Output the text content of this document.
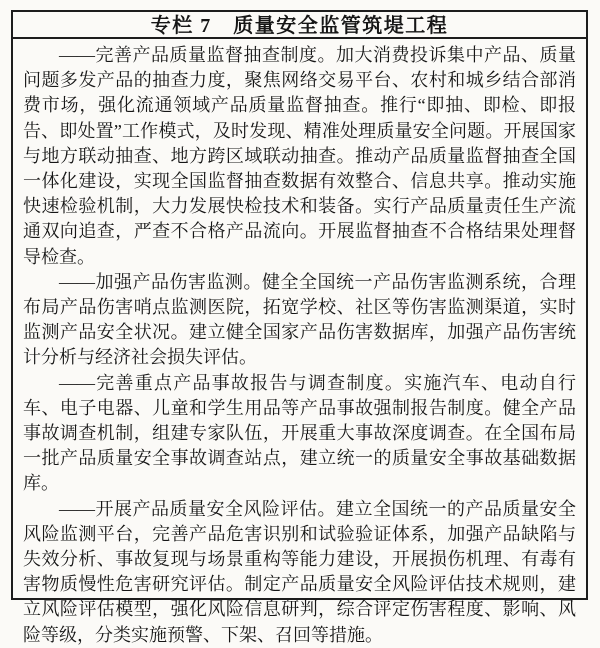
专栏 7　质量安全监管筑堤工程

——完善产品质量监督抽查制度。加大消费投诉集中产品、质量问题多发产品的抽查力度，聚焦网络交易平台、农村和城乡结合部消费市场，强化流通领域产品质量监督抽查。推行“即抽、即检、即报告、即处置”工作模式，及时发现、精准处理质量安全问题。开展国家与地方联动抽查、地方跨区域联动抽查。推动产品质量监督抽查全国一体化建设，实现全国监督抽查数据有效整合、信息共享。推动实施快速检验机制，大力发展快检技术和装备。实行产品质量责任生产流通双向追查，严查不合格产品流向。开展监督抽查不合格结果处理督导检查。

——加强产品伤害监测。健全全国统一产品伤害监测系统，合理布局产品伤害哨点监测医院，拓宽学校、社区等伤害监测渠道，实时监测产品安全状况。建立健全国家产品伤害数据库，加强产品伤害统计分析与经济社会损失评估。

——完善重点产品事故报告与调查制度。实施汽车、电动自行车、电子电器、儿童和学生用品等产品事故强制报告制度。健全产品事故调查机制，组建专家队伍，开展重大事故深度调查。在全国布局一批产品质量安全事故调查站点，建立统一的质量安全事故基础数据库。

——开展产品质量安全风险评估。建立全国统一的产品质量安全风险监测平台，完善产品危害识别和试验验证体系，加强产品缺陷与失效分析、事故复现与场景重构等能力建设，开展损伤机理、有毒有害物质慢性危害研究评估。制定产品质量安全风险评估技术规则，建立风险评估模型，强化风险信息研判，综合评定伤害程度、影响、风险等级，分类实施预警、下架、召回等措施。
